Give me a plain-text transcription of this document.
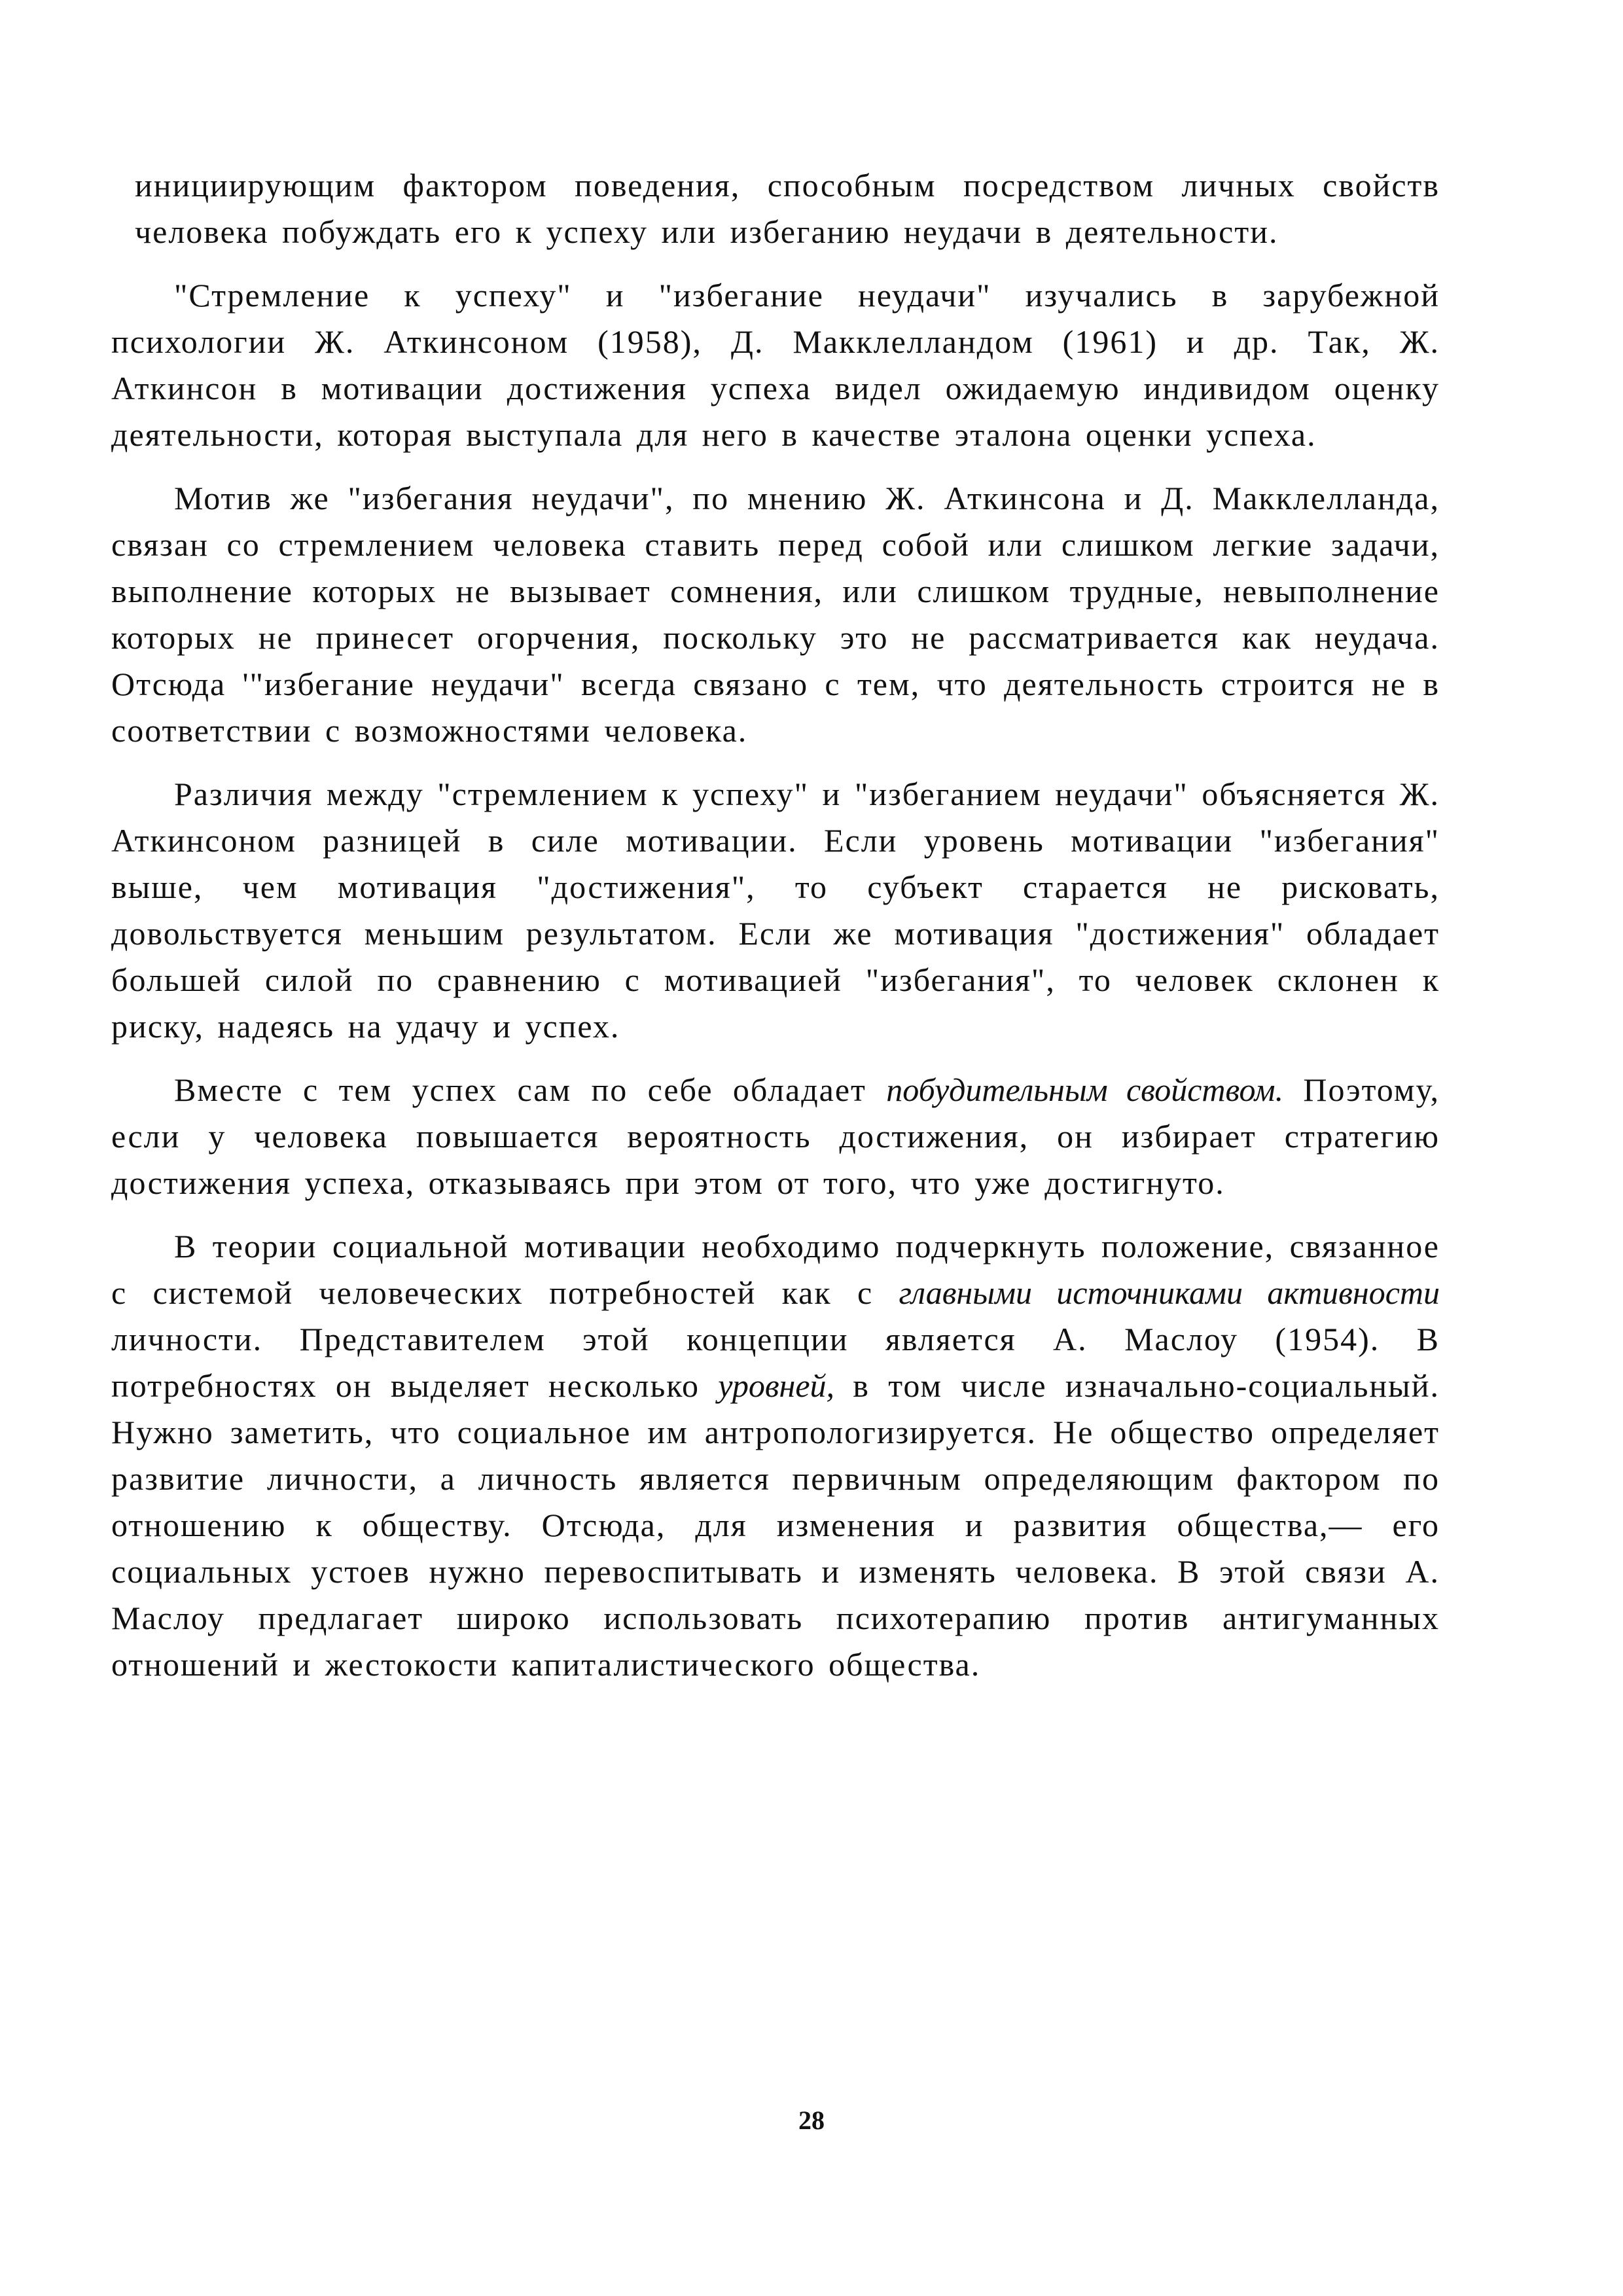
инициирующим фактором поведения, способным посредством личных свойств человека побуждать его к успеху или избеганию неудачи в деятельности.

"Стремление к успеху" и "избегание неудачи" изучались в зарубежной психологии Ж. Аткинсоном (1958), Д. Макклелландом (1961) и др. Так, Ж. Аткинсон в мотивации достижения успеха видел ожидаемую индивидом оценку деятельности, которая выступала для него в качестве эталона оценки успеха.

Мотив же "избегания неудачи", по мнению Ж. Аткинсона и Д. Макклелланда, связан со стремлением человека ставить перед собой или слишком легкие задачи, выполнение которых не вызывает сомнения, или слишком трудные, невыполнение которых не принесет огорчения, поскольку это не рассматривается как неудача. Отсюда '"избегание неудачи" всегда связано с тем, что деятельность строится не в соответствии с возможностями человека.

Различия между "стремлением к успеху" и "избеганием неудачи" объясняется Ж. Аткинсоном разницей в силе мотивации. Если уровень мотивации "избегания" выше, чем мотивация "достижения", то субъект старается не рисковать, довольствуется меньшим результатом. Если же мотивация "достижения" обладает большей силой по сравнению с мотивацией "избегания", то человек склонен к риску, надеясь на удачу и успех.

Вместе с тем успех сам по себе обладает побудительным свойством. Поэтому, если у человека повышается вероятность достижения, он избирает стратегию достижения успеха, отказываясь при этом от того, что уже достигнуто.

В теории социальной мотивации необходимо подчеркнуть положение, связанное с системой человеческих потребностей как с главными источниками активности личности. Представителем этой концепции является А. Маслоу (1954). В потребностях он выделяет несколько уровней, в том числе изначально-социальный. Нужно заметить, что социальное им антропологизируется. Не общество определяет развитие личности, а личность является первичным определяющим фактором по отношению к обществу. Отсюда, для изменения и развития общества,— его социальных устоев нужно перевоспитывать и изменять человека. В этой связи А. Маслоу предлагает широко использовать психотерапию против антигуманных отношений и жестокости капиталистического общества.

28
